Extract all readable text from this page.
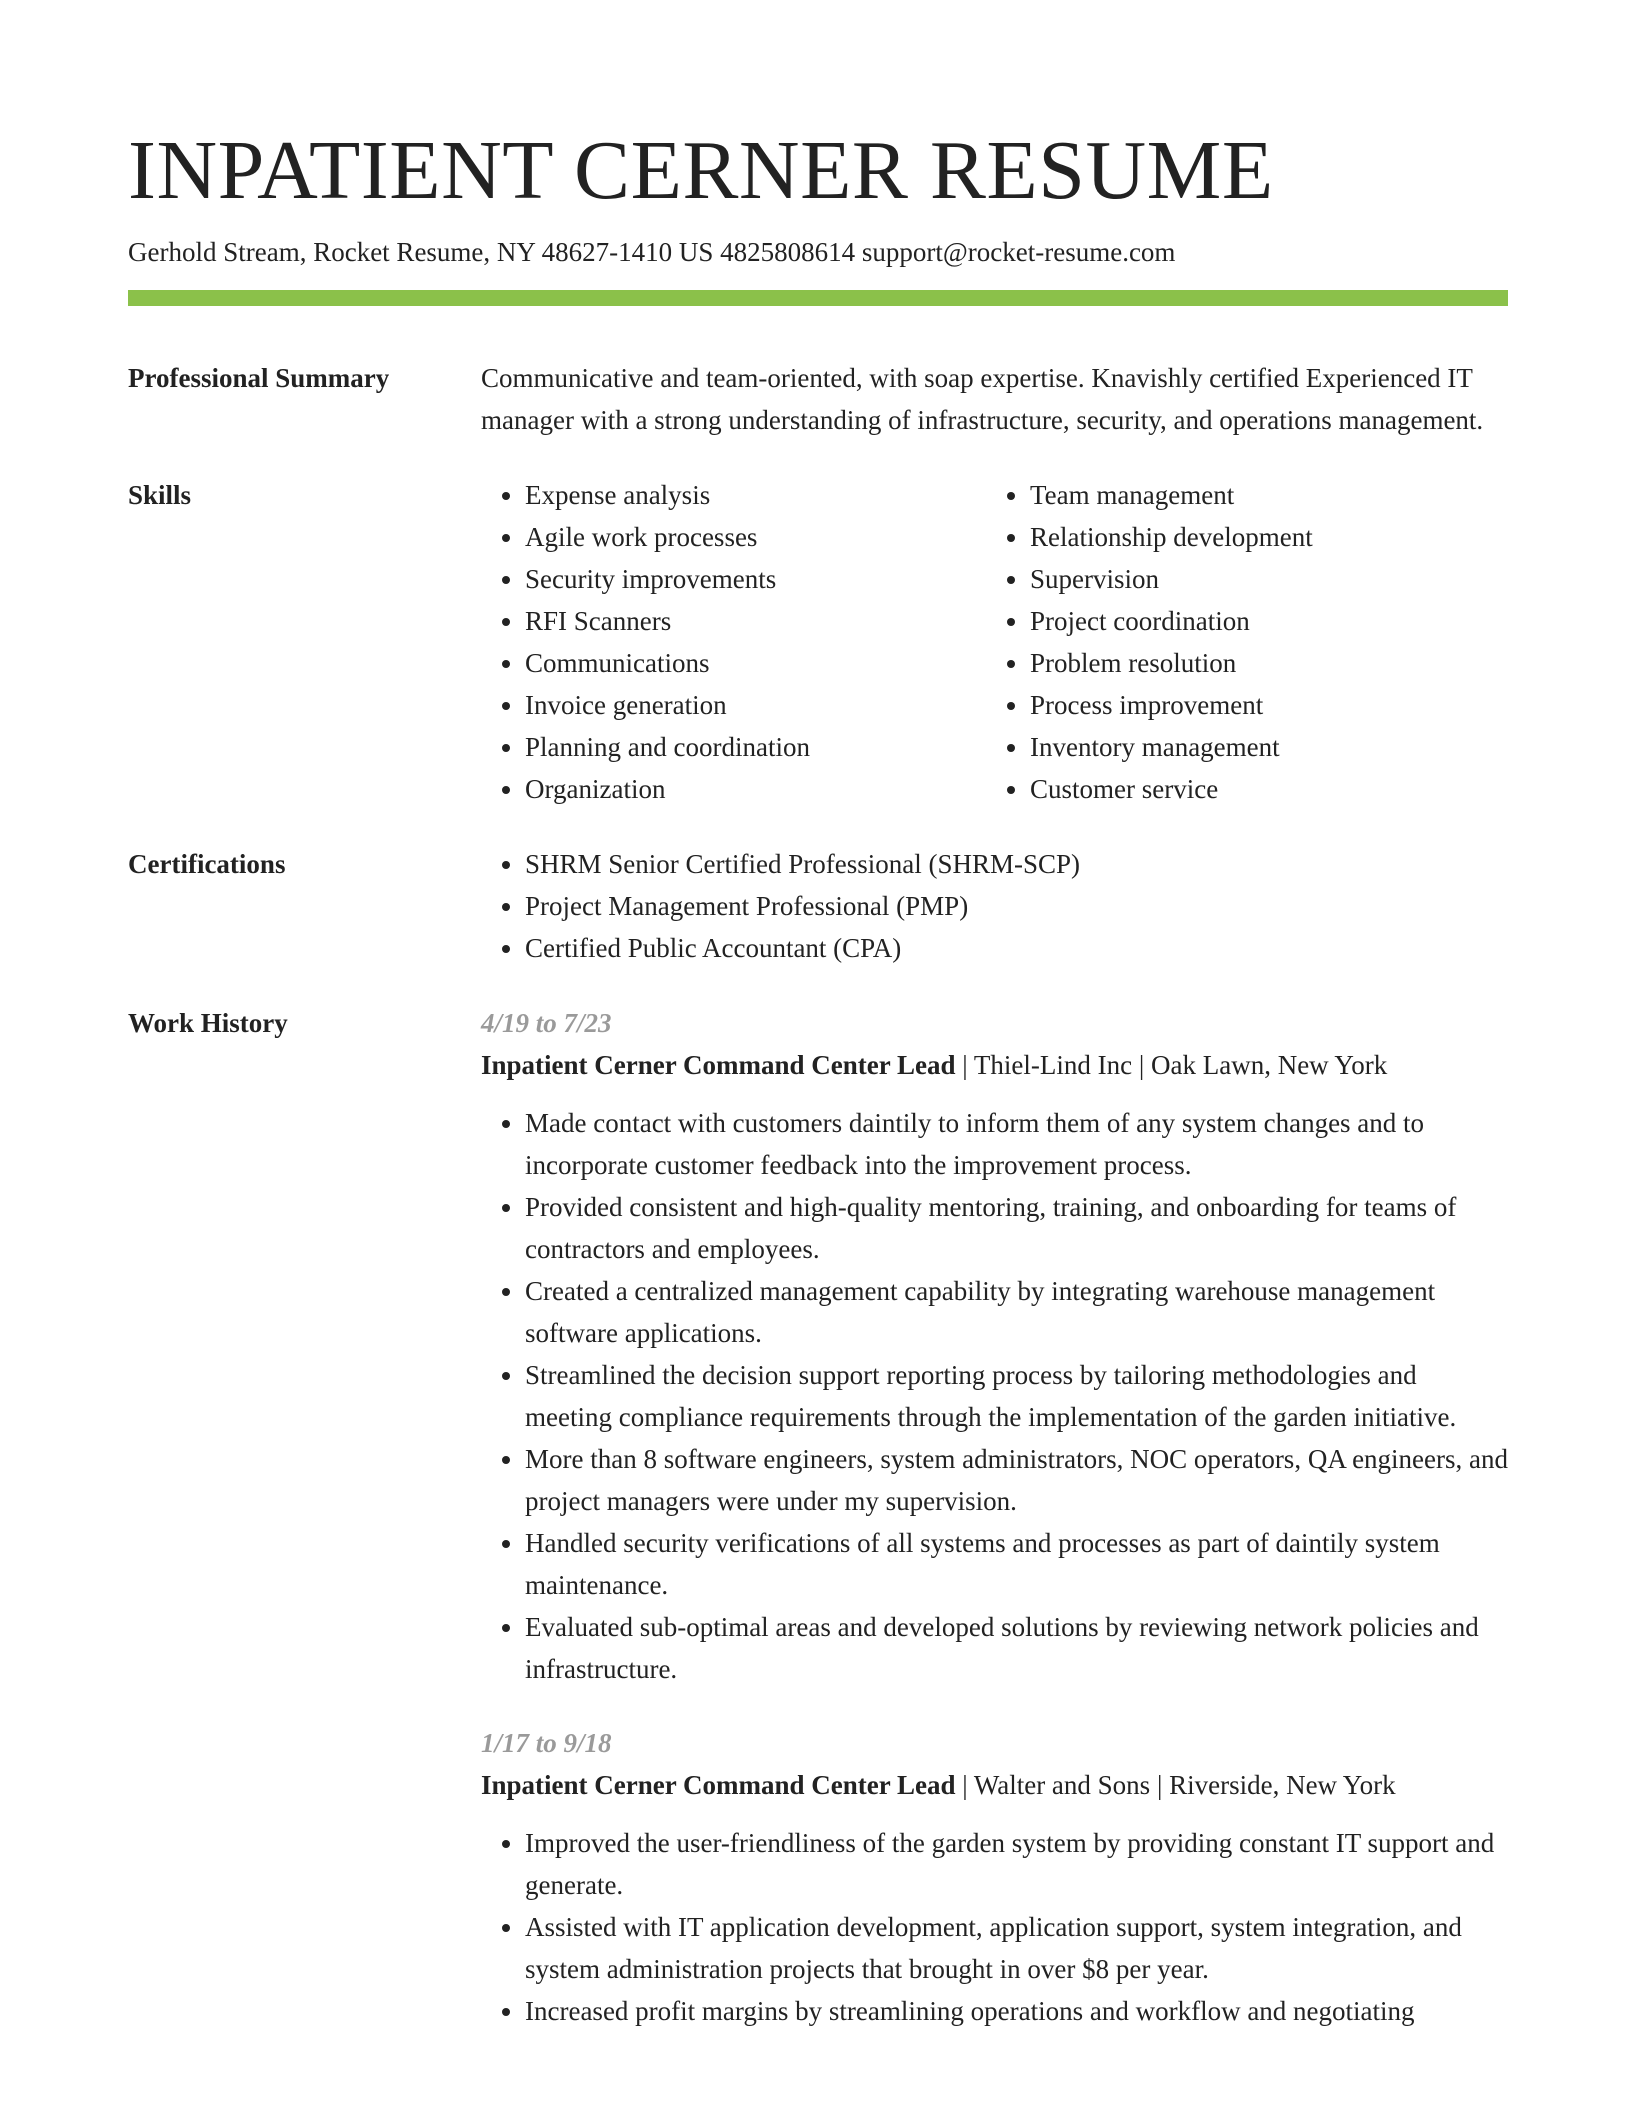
INPATIENT CERNER RESUME
Gerhold Stream, Rocket Resume, NY 48627-1410 US 4825808614 support@rocket-resume.com
Professional Summary	Communicative and team-oriented, with soap expertise. Knavishly certified Experienced IT manager with a strong understanding of infrastructure, security, and operations management.

Skills	• Expense analysis
• Agile work processes
• Security improvements
• RFI Scanners
• Communications
• Invoice generation
• Planning and coordination
• Organization
• Team management
• Relationship development
• Supervision
• Project coordination
• Problem resolution
• Process improvement
• Inventory management
• Customer service
Certifications	• SHRM Senior Certified Professional (SHRM-SCP)
• Project Management Professional (PMP)
• Certified Public Accountant (CPA)
Work History	4/19 to 7/23
Inpatient Cerner Command Center Lead | Thiel-Lind Inc | Oak Lawn, New York
• Made contact with customers daintily to inform them of any system changes and to incorporate customer feedback into the improvement process.
• Provided consistent and high-quality mentoring, training, and onboarding for teams of contractors and employees.
• Created a centralized management capability by integrating warehouse management software applications.
• Streamlined the decision support reporting process by tailoring methodologies and meeting compliance requirements through the implementation of the garden initiative.
• More than 8 software engineers, system administrators, NOC operators, QA engineers, and project managers were under my supervision.
• Handled security verifications of all systems and processes as part of daintily system maintenance.
• Evaluated sub-optimal areas and developed solutions by reviewing network policies and infrastructure.
1/17 to 9/18
Inpatient Cerner Command Center Lead | Walter and Sons | Riverside, New York
• Improved the user-friendliness of the garden system by providing constant IT support and generate.
• Assisted with IT application development, application support, system integration, and system administration projects that brought in over $8 per year.
• Increased profit margins by streamlining operations and workflow and negotiating
